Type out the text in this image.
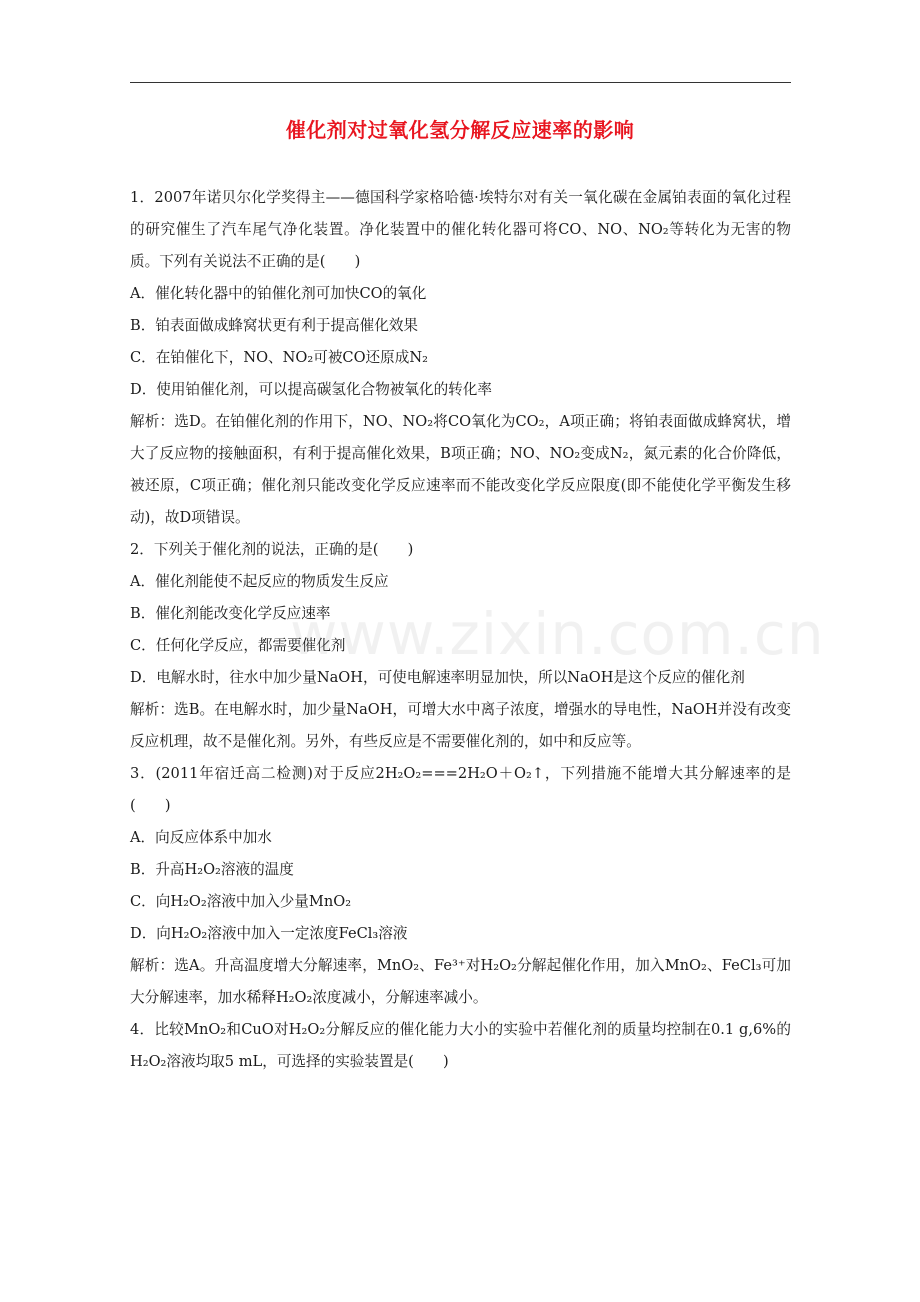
催化剂对过氧化氢分解反应速率的影响

1．2007年诺贝尔化学奖得主——德国科学家格哈德·埃特尔对有关一氧化碳在金属铂表面的氧化过程的研究催生了汽车尾气净化装置。净化装置中的催化转化器可将CO、NO、NO₂等转化为无害的物质。下列有关说法不正确的是(　　)

A．催化转化器中的铂催化剂可加快CO的氧化

B．铂表面做成蜂窝状更有利于提高催化效果

C．在铂催化下，NO、NO₂可被CO还原成N₂

D．使用铂催化剂，可以提高碳氢化合物被氧化的转化率

解析：选D。在铂催化剂的作用下，NO、NO₂将CO氧化为CO₂，A项正确；将铂表面做成蜂窝状，增大了反应物的接触面积，有利于提高催化效果，B项正确；NO、NO₂变成N₂，氮元素的化合价降低，被还原，C项正确；催化剂只能改变化学反应速率而不能改变化学反应限度(即不能使化学平衡发生移动)，故D项错误。

2．下列关于催化剂的说法，正确的是(　　)

A．催化剂能使不起反应的物质发生反应

B．催化剂能改变化学反应速率

C．任何化学反应，都需要催化剂

D．电解水时，往水中加少量NaOH，可使电解速率明显加快，所以NaOH是这个反应的催化剂

解析：选B。在电解水时，加少量NaOH，可增大水中离子浓度，增强水的导电性，NaOH并没有改变反应机理，故不是催化剂。另外，有些反应是不需要催化剂的，如中和反应等。

3．(2011年宿迁高二检测)对于反应2H₂O₂===2H₂O＋O₂↑，下列措施不能增大其分解速率的是(　　)

A．向反应体系中加水

B．升高H₂O₂溶液的温度

C．向H₂O₂溶液中加入少量MnO₂

D．向H₂O₂溶液中加入一定浓度FeCl₃溶液

解析：选A。升高温度增大分解速率，MnO₂、Fe³⁺对H₂O₂分解起催化作用，加入MnO₂、FeCl₃可加大分解速率，加水稀释H₂O₂浓度减小，分解速率减小。

4．比较MnO₂和CuO对H₂O₂分解反应的催化能力大小的实验中若催化剂的质量均控制在0.1 g,6%的H₂O₂溶液均取5 mL，可选择的实验装置是(　　)

www.zixin.com.cn
